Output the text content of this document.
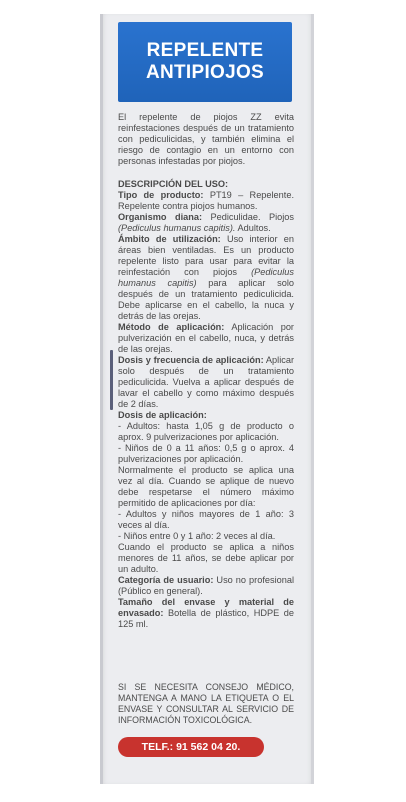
REPELENTE
ANTIPIOJOS

El repelente de piojos ZZ evita reinfestaciones después de un tratamiento con pediculicidas, y también elimina el riesgo de contagio en un entorno con personas infestadas por piojos.

DESCRIPCIÓN DEL USO:

Tipo de producto: PT19 – Repelente. Repelente contra piojos humanos.

Organismo diana: Pediculidae. Piojos (Pediculus humanus capitis). Adultos.

Ámbito de utilización: Uso interior en áreas bien ventiladas. Es un producto repelente listo para usar para evitar la reinfestación con piojos (Pediculus humanus capitis) para aplicar solo después de un tratamiento pediculicida. Debe aplicarse en el cabello, la nuca y detrás de las orejas.

Método de aplicación: Aplicación por pulverización en el cabello, nuca, y detrás de las orejas.

Dosis y frecuencia de aplicación: Aplicar solo después de un tratamiento pediculicida. Vuelva a aplicar después de lavar el cabello y como máximo después de 2 días.

Dosis de aplicación:

- Adultos: hasta 1,05 g de producto o aprox. 9 pulverizaciones por aplicación.

- Niños de 0 a 11 años: 0,5 g o aprox. 4 pulverizaciones por aplicación.

Normalmente el producto se aplica una vez al día. Cuando se aplique de nuevo debe respetarse el número máximo permitido de aplicaciones por día:

- Adultos y niños mayores de 1 año: 3 veces al día.

- Niños entre 0 y 1 año: 2 veces al día.

Cuando el producto se aplica a niños menores de 11 años, se debe aplicar por un adulto.

Categoría de usuario: Uso no profesional (Público en general).

Tamaño del envase y material de envasado: Botella de plástico, HDPE de 125 ml.

SI SE NECESITA CONSEJO MÉDICO, MANTENGA A MANO LA ETIQUETA O EL ENVASE Y CONSULTAR AL SERVICIO DE INFORMACIÓN TOXICOLÓGICA.

TELF.: 91 562 04 20.
